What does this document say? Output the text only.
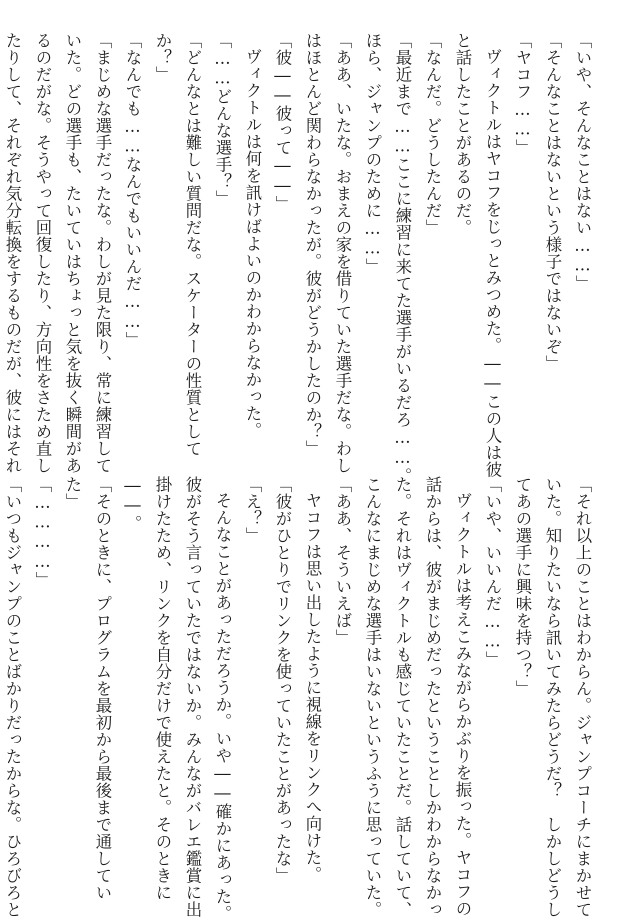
「いや、そんなことはない……」
「そんなことはないという様子ではないぞ」
「ヤコフ……」
ヴィクトルはヤコフをじっとみつめた。――この人は彼
と話したことがあるのだ。
「なんだ。どうしたんだ」
「最近まで……ここに練習に来てた選手がいるだろ……。
ほら、ジャンプのために……」
「ああ、いたな。おまえの家を借りていた選手だな。わし
はほとんど関わらなかったが。彼がどうかしたのか？」
「彼――彼って――」
ヴィクトルは何を訊けばよいのかわからなかった。
「……どんな選手？」
「どんなとは難しい質問だな。スケーターの性質として
か？」
「なんでも……なんでもいいんだ……」
「まじめな選手だったな。わしが見た限り、常に練習して
いた。どの選手も、たいていはちょっと気を抜く瞬間があ
るのだがな。そうやって回復したり、方向性をさため直し
たりして、それぞれ気分転換をするものだが、彼にはそれ
「それ以上のことはわからん。ジャンプコーチにまかせて
いた。知りたいなら訊いてみたらどうだ？　しかしどうし
てあの選手に興味を持つ？」
「いや、いいんだ……」
ヴィクトルは考えこみながらかぶりを振った。ヤコフの
話からは、彼がまじめだったということしかわからなかっ
た。それはヴィクトルも感じていたことだ。話していて、
こんなにまじめな選手はいないというふうに思っていた。
「ああ、そういえば」
ヤコフは思い出したように視線をリンクへ向けた。
「彼がひとりでリンクを使っていたことがあったな」
「え？」
そんなことがあっただろうか。いや――確かにあった。
彼がそう言っていたではないか。みんながバレエ鑑賞に出
掛けたため、リンクを自分だけで使えたと。そのときに
――。
「そのときに、プログラムを最初から最後まで通してい
た」
「…………」
「いつもジャンプのことばかりだったからな。ひろびろと
